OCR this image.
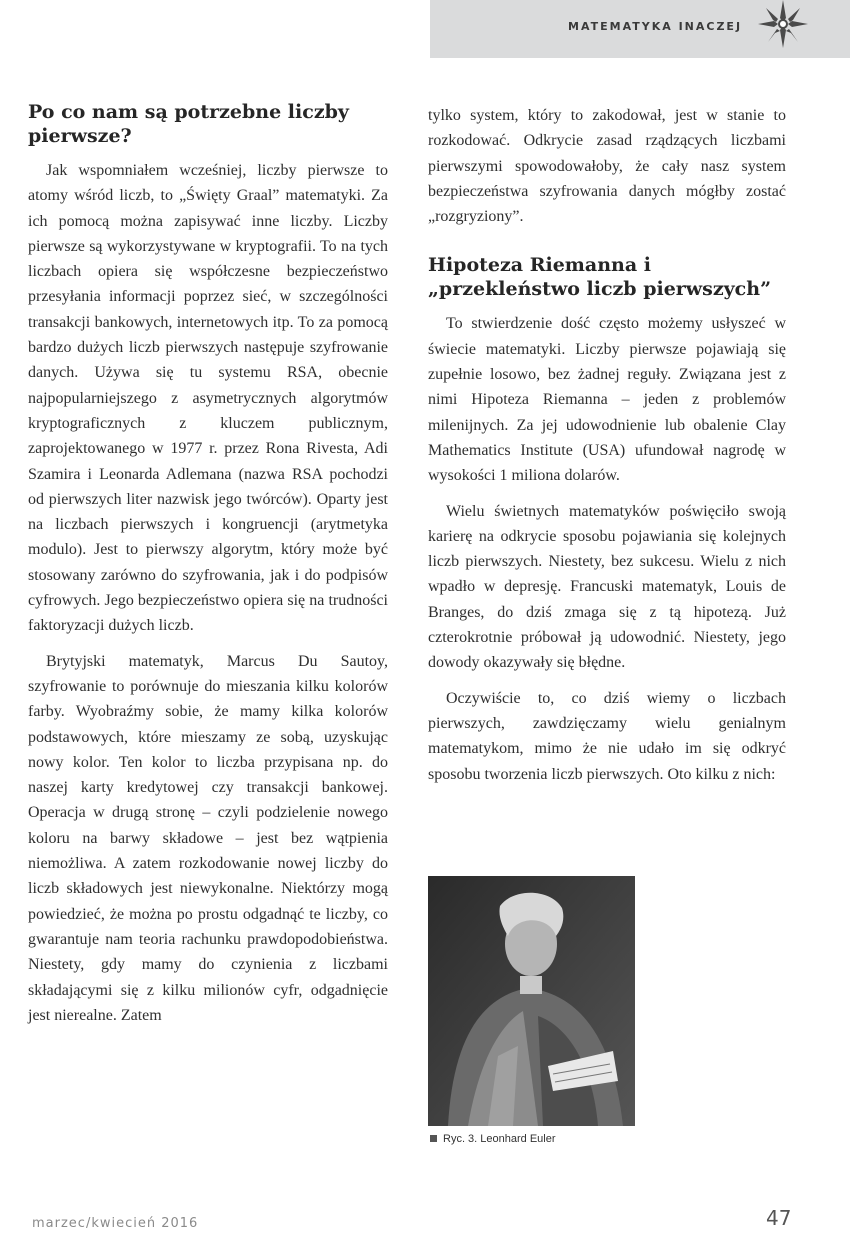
MATEMATYKA INACZEJ
Po co nam są potrzebne liczby pierwsze?

Jak wspomniałem wcześniej, liczby pierwsze to atomy wśród liczb, to „Święty Graal” matematyki. Za ich pomocą można zapisywać inne liczby. Liczby pierwsze są wykorzystywane w kryptografii. To na tych liczbach opiera się współczesne bezpieczeństwo przesyłania informacji poprzez sieć, w szczególności transakcji bankowych, internetowych itp. To za pomocą bardzo dużych liczb pierwszych następuje szyfrowanie danych. Używa się tu systemu RSA, obecnie najpopularniejszego z asymetrycznych algorytmów kryptograficznych z kluczem publicznym, zaprojektowanego w 1977 r. przez Rona Rivesta, Adi Szamira i Leonarda Adlemana (nazwa RSA pochodzi od pierwszych liter nazwisk jego twórców). Oparty jest na liczbach pierwszych i kongruencji (arytmetyka modulo). Jest to pierwszy algorytm, który może być stosowany zarówno do szyfrowania, jak i do podpisów cyfrowych. Jego bezpieczeństwo opiera się na trudności faktoryzacji dużych liczb.

Brytyjski matematyk, Marcus Du Sautoy, szyfrowanie to porównuje do mieszania kilku kolorów farby. Wyobraźmy sobie, że mamy kilka kolorów podstawowych, które mieszamy ze sobą, uzyskując nowy kolor. Ten kolor to liczba przypisana np. do naszej karty kredytowej czy transakcji bankowej. Operacja w drugą stronę – czyli podzielenie nowego koloru na barwy składowe – jest bez wątpienia niemożliwa. A zatem rozkodowanie nowej liczby do liczb składowych jest niewykonalne. Niektórzy mogą powiedzieć, że można po prostu odgadnąć te liczby, co gwarantuje nam teoria rachunku prawdopodobieństwa. Niestety, gdy mamy do czynienia z liczbami składającymi się z kilku milionów cyfr, odgadnięcie jest nierealne. Zatem

tylko system, który to zakodował, jest w stanie to rozkodować. Odkrycie zasad rządzących liczbami pierwszymi spowodowałoby, że cały nasz system bezpieczeństwa szyfrowania danych mógłby zostać „rozgryziony”.

Hipoteza Riemanna i „przekleństwo liczb pierwszych”

To stwierdzenie dość często możemy usłyszeć w świecie matematyki. Liczby pierwsze pojawiają się zupełnie losowo, bez żadnej reguły. Związana jest z nimi Hipoteza Riemanna – jeden z problemów milenijnych. Za jej udowodnienie lub obalenie Clay Mathematics Institute (USA) ufundował nagrodę w wysokości 1 miliona dolarów.

Wielu świetnych matematyków poświęciło swoją karierę na odkrycie sposobu pojawiania się kolejnych liczb pierwszych. Niestety, bez sukcesu. Wielu z nich wpadło w depresję. Francuski matematyk, Louis de Branges, do dziś zmaga się z tą hipotezą. Już czterokrotnie próbował ją udowodnić. Niestety, jego dowody okazywały się błędne.

Oczywiście to, co dziś wiemy o liczbach pierwszych, zawdzięczamy wielu genialnym matematykom, mimo że nie udało im się odkryć sposobu tworzenia liczb pierwszych. Oto kilku z nich:

Ryc. 3. Leonhard Euler
marzec/kwiecień 2016	47
